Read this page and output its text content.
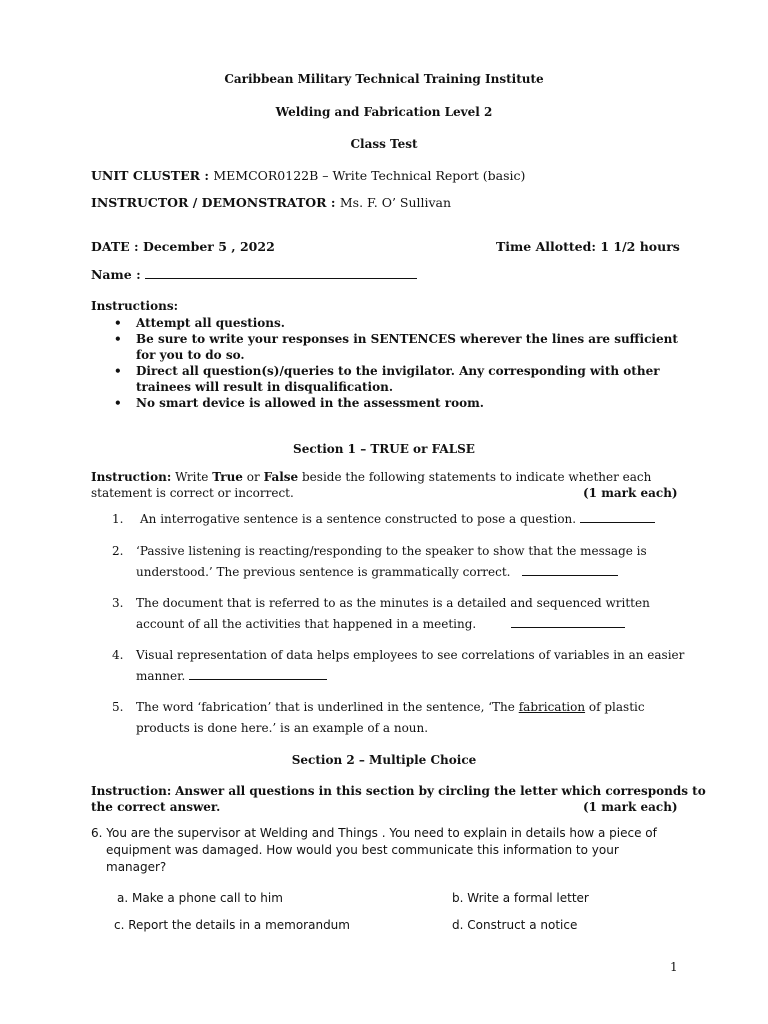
Caribbean Military Technical Training Institute
Welding and Fabrication Level 2
Class Test
UNIT CLUSTER : MEMCOR0122B – Write Technical Report (basic)
INSTRUCTOR / DEMONSTRATOR : Ms. F. O’ Sullivan
DATE : December 5 , 2022	Time Allotted: 1 1/2 hours
Name :
Instructions:
• Attempt all questions.
• Be sure to write your responses in SENTENCES wherever the lines are sufficient
for you to do so.
• Direct all question(s)/queries to the invigilator. Any corresponding with other
trainees will result in disqualification.
• No smart device is allowed in the assessment room.
Section 1 – TRUE or FALSE
Instruction: Write True or False beside the following statements to indicate whether each
statement is correct or incorrect.	(1 mark each)
1.	An interrogative sentence is a sentence constructed to pose a question.
2.	‘Passive listening is reacting/responding to the speaker to show that the message is
understood.’ The previous sentence is grammatically correct.
3.	The document that is referred to as the minutes is a detailed and sequenced written
account of all the activities that happened in a meeting.
4.	Visual representation of data helps employees to see correlations of variables in an easier
manner.
5.	The word ‘fabrication’ that is underlined in the sentence, ‘The fabrication of plastic
products is done here.’ is an example of a noun.
Section 2 – Multiple Choice
Instruction: Answer all questions in this section by circling the letter which corresponds to
the correct answer.	(1 mark each)
6. You are the supervisor at Welding and Things . You need to explain in details how a piece of
equipment was damaged. How would you best communicate this information to your
manager?
a. Make a phone call to him	b. Write a formal letter
c. Report the details in a memorandum	d. Construct a notice
1
